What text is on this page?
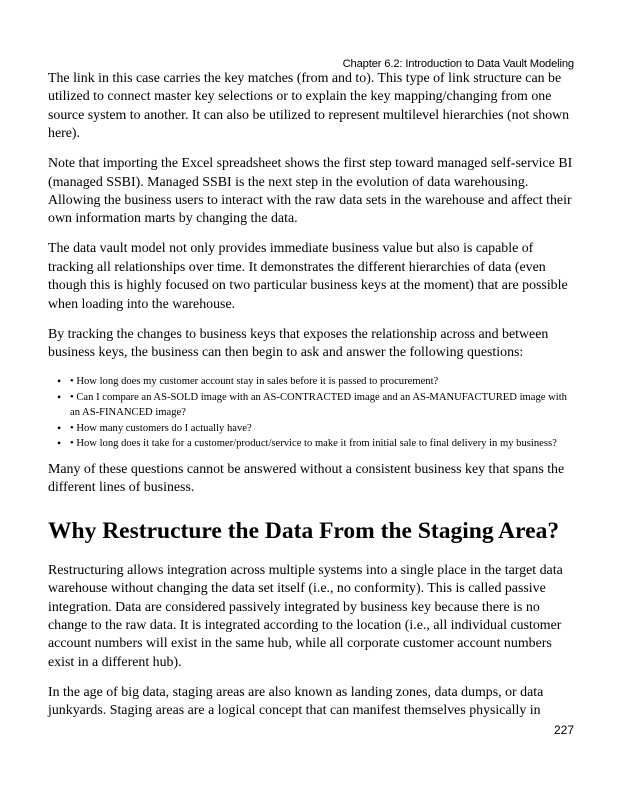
Chapter 6.2: Introduction to Data Vault Modeling

The link in this case carries the key matches (from and to). This type of link structure can be utilized to connect master key selections or to explain the key mapping/changing from one source system to another. It can also be utilized to represent multilevel hierarchies (not shown here).

Note that importing the Excel spreadsheet shows the first step toward managed self-service BI (managed SSBI). Managed SSBI is the next step in the evolution of data warehousing. Allowing the business users to interact with the raw data sets in the warehouse and affect their own information marts by changing the data.

The data vault model not only provides immediate business value but also is capable of tracking all relationships over time. It demonstrates the different hierarchies of data (even though this is highly focused on two particular business keys at the moment) that are possible when loading into the warehouse.

By tracking the changes to business keys that exposes the relationship across and between business keys, the business can then begin to ask and answer the following questions:

• • How long does my customer account stay in sales before it is passed to procurement?
• • Can I compare an AS-SOLD image with an AS-CONTRACTED image and an AS-MANUFACTURED image with an AS-FINANCED image?
• • How many customers do I actually have?
• • How long does it take for a customer/product/service to make it from initial sale to final delivery in my business?

Many of these questions cannot be answered without a consistent business key that spans the different lines of business.

Why Restructure the Data From the Staging Area?

Restructuring allows integration across multiple systems into a single place in the target data warehouse without changing the data set itself (i.e., no conformity). This is called passive integration. Data are considered passively integrated by business key because there is no change to the raw data. It is integrated according to the location (i.e., all individual customer account numbers will exist in the same hub, while all corporate customer account numbers exist in a different hub).

In the age of big data, staging areas are also known as landing zones, data dumps, or data junkyards. Staging areas are a logical concept that can manifest themselves physically in

227
